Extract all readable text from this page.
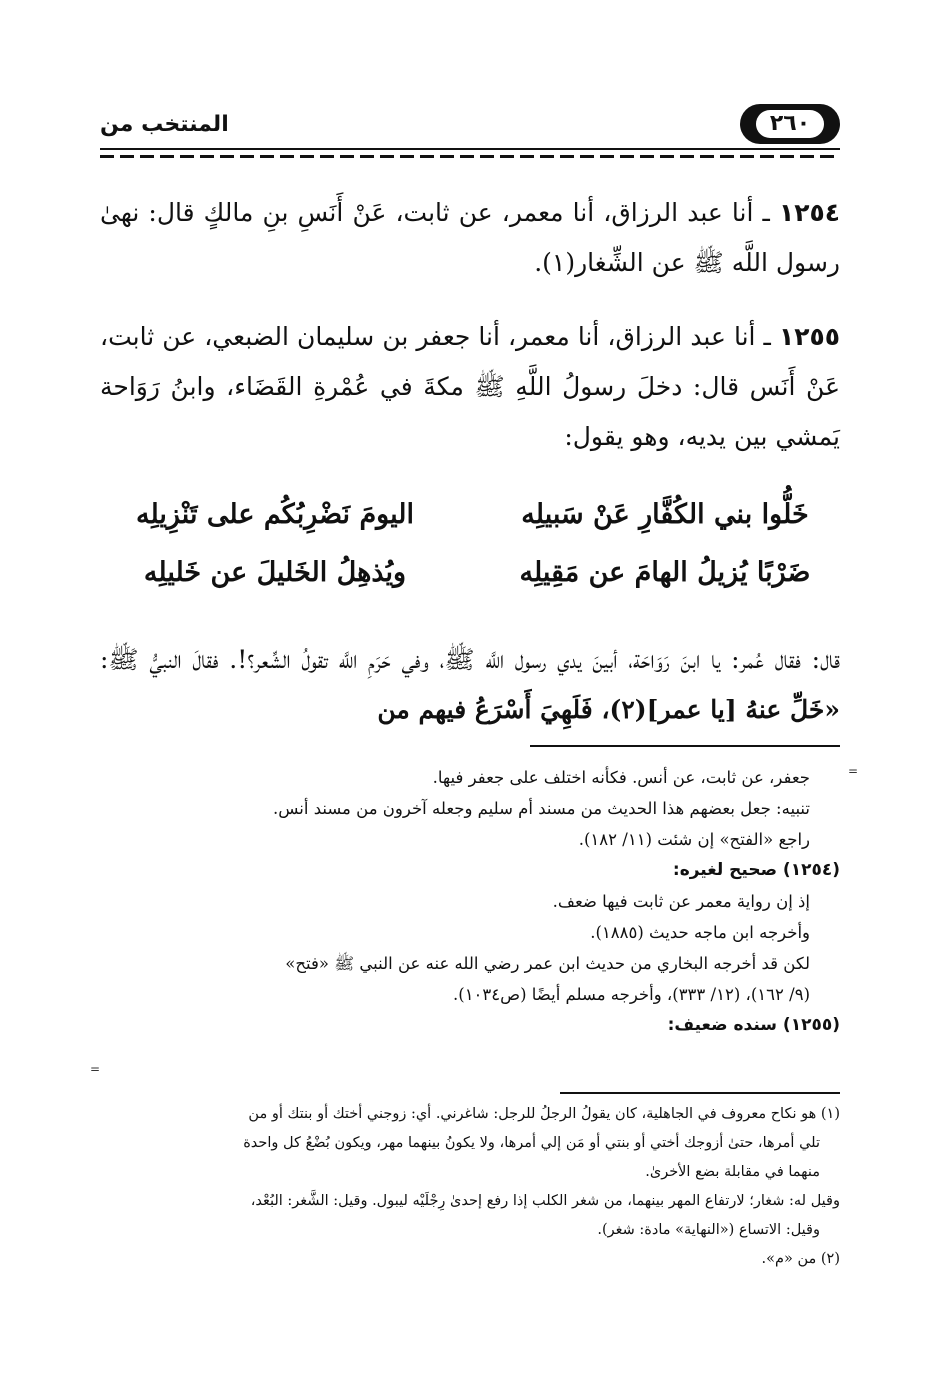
٢٦٠
المنتخب من
١٢٥٤ ـ أنا عبد الرزاق، أنا معمر، عن ثابت، عَنْ أَنَسِ بنِ مالكٍ قال: نهىٰ رسول اللَّه ﷺ عن الشِّغار(١).
١٢٥٥ ـ أنا عبد الرزاق، أنا معمر، أنا جعفر بن سليمان الضبعي، عن ثابت، عَنْ أَنَس قال: دخلَ رسولُ اللَّهِ ﷺ مكةَ في عُمْرةِ القَضَاء، وابنُ رَوَاحة يَمشي بين يديه، وهو يقول:
خَلُّوا بني الكُفَّارِ عَنْ سَبيلِه
اليومَ نَضْرِبُكُم على تَنْزِيلِه
ضَرْبًا يُزيلُ الهامَ عن مَقِيلِه
ويُذهِلُ الخَليلَ عن خَليلِه
قال: فقال عُمر: يا ابنَ رَوَاحَة، أبينَ يدي رسول اللَّه ﷺ، وفي حَرَمِ اللَّه تقولُ الشِّعر؟!. فقالَ النبيُّ ﷺ: «خَلِّ عنهُ [يا عمر](٢)، فَلَهِيَ أَسْرَعُ فيهم من
=
جعفر، عن ثابت، عن أنس. فكأنه اختلف على جعفر فيها.
تنبيه: جعل بعضهم هذا الحديث من مسند أم سليم وجعله آخرون من مسند أنس.
راجع «الفتح» إن شئت (١١/ ١٨٢).
(١٢٥٤) صحيح لغيره:
إذ إن رواية معمر عن ثابت فيها ضعف.
وأخرجه ابن ماجه حديث (١٨٨٥).
لكن قد أخرجه البخاري من حديث ابن عمر رضي الله عنه عن النبي ﷺ «فتح»
(٩/ ١٦٢)، (١٢/ ٣٣٣)، وأخرجه مسلم أيضًا (ص١٠٣٤).
(١٢٥٥) سنده ضعيف:
=
(١) هو نكاح معروف في الجاهلية، كان يقولُ الرجلُ للرجل: شاغرني. أي: زوجني أختك أو بنتك أو من
تلي أمرها، حتىٰ أزوجك أختي أو بنتي أو مَن إلي أمرها، ولا يكونُ بينهما مهر، ويكون بُضْعُ كل واحدة
منهما في مقابلة بضع الأخرىٰ.
وقيل له: شغار؛ لارتفاع المهر بينهما، من شغر الكلب إذا رفع إحدىٰ رِجْلَيْه ليبول. وقيل: الشَّغر: البُعْد،
وقيل: الاتساع («النهاية» مادة: شغر).
(٢) من «م».
